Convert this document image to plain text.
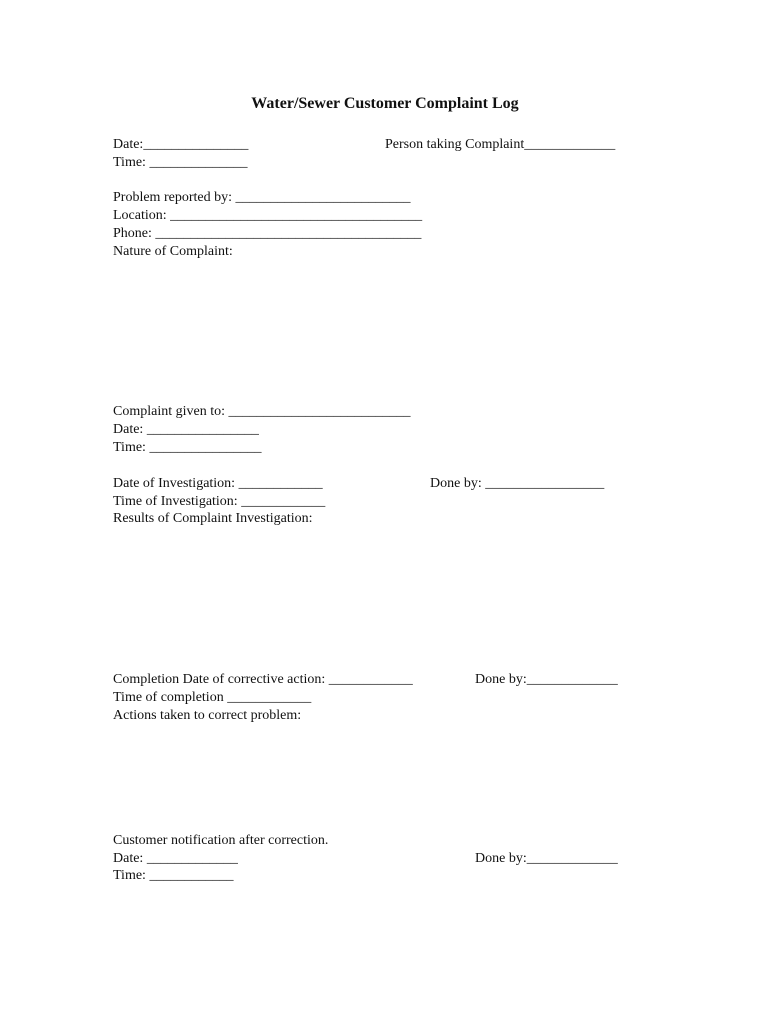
Water/Sewer Customer Complaint Log
Date:_______________	Person taking Complaint_____________
Time: ______________
Problem reported by: _________________________
Location: ____________________________________
Phone: ______________________________________
Nature of Complaint:
Complaint given to: __________________________
Date: ________________
Time: ________________
Date of Investigation: ____________	Done by: _________________
Time of Investigation: ____________
Results of Complaint Investigation:
Completion Date of corrective action: ____________	Done by:_____________
Time of completion ____________
Actions taken to correct problem:
Customer notification after correction.
Date: _____________	Done by:_____________
Time: ____________
